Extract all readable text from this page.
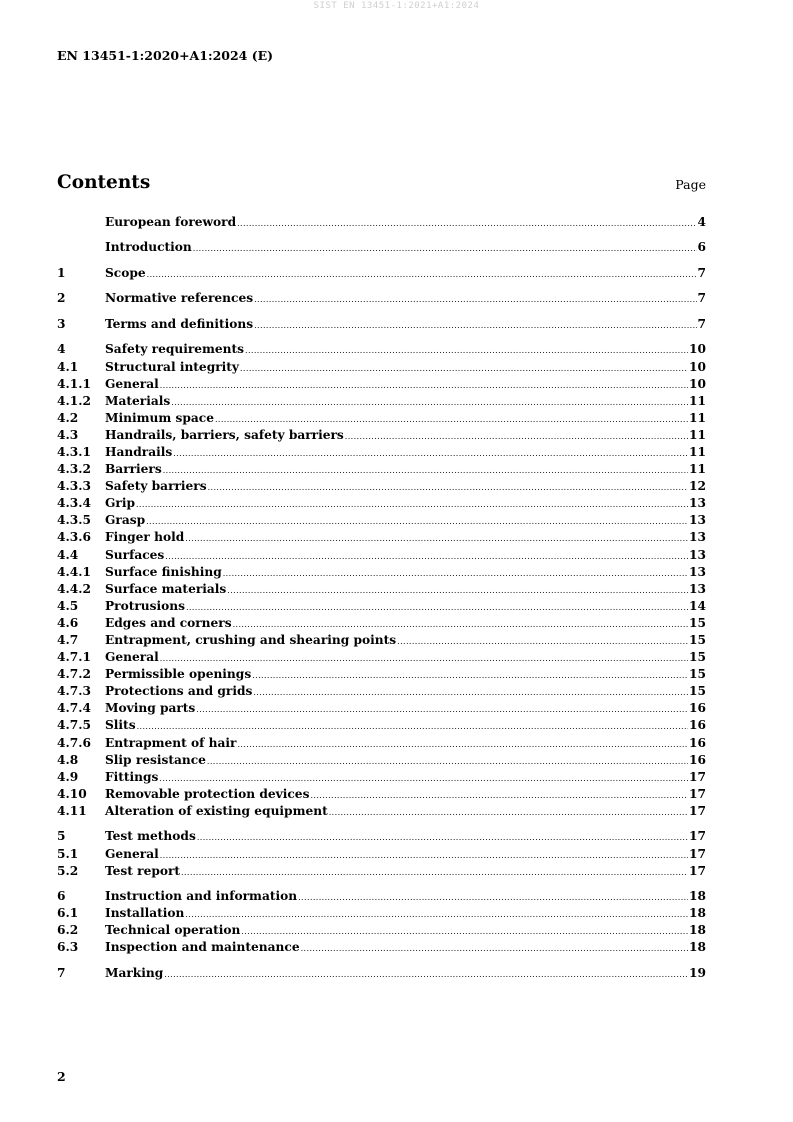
SIST EN 13451-1:2021+A1:2024
EN 13451-1:2020+A1:2024 (E)
Contents	Page
European foreword .....	4
Introduction .....	6
1	Scope .....	7
2	Normative references .....	7
3	Terms and definitions .....	7
4	Safety requirements .....	10
4.1	Structural integrity .....	10
4.1.1	General .....	10
4.1.2	Materials .....	11
4.2	Minimum space .....	11
4.3	Handrails, barriers, safety barriers .....	11
4.3.1	Handrails .....	11
4.3.2	Barriers .....	11
4.3.3	Safety barriers .....	12
4.3.4	Grip .....	13
4.3.5	Grasp .....	13
4.3.6	Finger hold .....	13
4.4	Surfaces .....	13
4.4.1	Surface finishing .....	13
4.4.2	Surface materials .....	13
4.5	Protrusions .....	14
4.6	Edges and corners .....	15
4.7	Entrapment, crushing and shearing points .....	15
4.7.1	General .....	15
4.7.2	Permissible openings .....	15
4.7.3	Protections and grids .....	15
4.7.4	Moving parts .....	16
4.7.5	Slits .....	16
4.7.6	Entrapment of hair .....	16
4.8	Slip resistance .....	16
4.9	Fittings .....	17
4.10	Removable protection devices .....	17
4.11	Alteration of existing equipment .....	17
5	Test methods .....	17
5.1	General .....	17
5.2	Test report .....	17
6	Instruction and information .....	18
6.1	Installation .....	18
6.2	Technical operation .....	18
6.3	Inspection and maintenance .....	18
7	Marking .....	19
2
